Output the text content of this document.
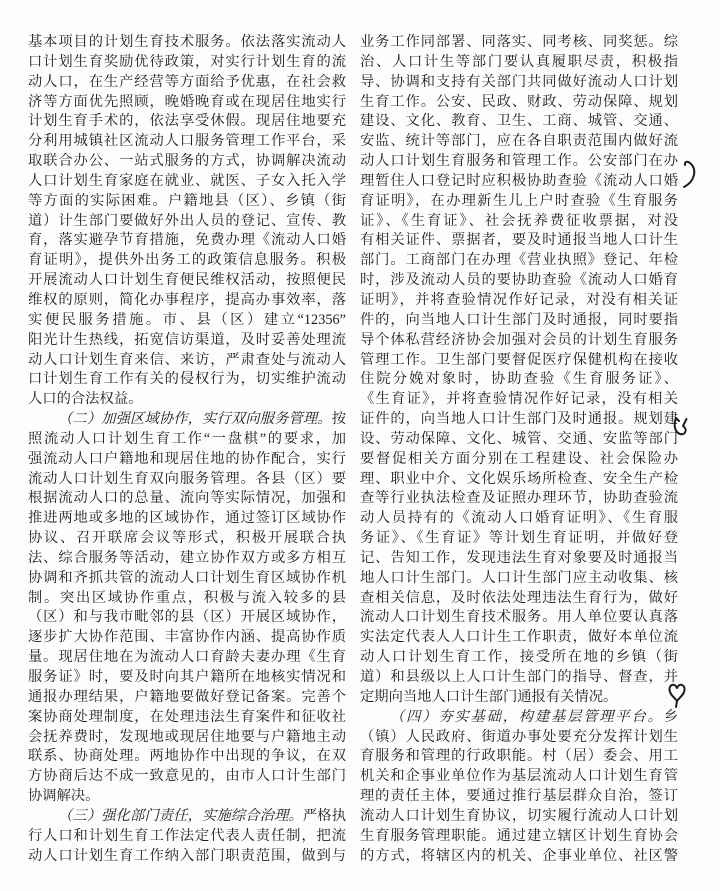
基本项目的计划生育技术服务。依法落实流动人
口计划生育奖励优待政策，对实行计划生育的流
动人口，在生产经营等方面给予优惠，在社会救
济等方面优先照顾，晚婚晚育或在现居住地实行
计划生育手术的，依法享受休假。现居住地要充
分利用城镇社区流动人口服务管理工作平台，采
取联合办公、一站式服务的方式，协调解决流动
人口计划生育家庭在就业、就医、子女入托入学
等方面的实际困难。户籍地县（区）、乡镇（街
道）计生部门要做好外出人员的登记、宣传、教
育，落实避孕节育措施，免费办理《流动人口婚
育证明》，提供外出务工的政策信息服务。积极
开展流动人口计划生育便民维权活动，按照便民
维权的原则，简化办事程序，提高办事效率，落
实便民服务措施。市、县（区）建立“12356”
阳光计生热线，拓宽信访渠道，及时妥善处理流
动人口计划生育来信、来访，严肃查处与流动人
口计划生育工作有关的侵权行为，切实维护流动
人口的合法权益。
（二）加强区域协作，实行双向服务管理。按
照流动人口计划生育工作“一盘棋”的要求，加
强流动人口户籍地和现居住地的协作配合，实行
流动人口计划生育双向服务管理。各县（区）要
根据流动人口的总量、流向等实际情况，加强和
推进两地或多地的区域协作，通过签订区域协作
协议、召开联席会议等形式，积极开展联合执
法、综合服务等活动，建立协作双方或多方相互
协调和齐抓共管的流动人口计划生育区域协作机
制。突出区域协作重点，积极与流入较多的县
（区）和与我市毗邻的县（区）开展区域协作，
逐步扩大协作范围、丰富协作内涵、提高协作质
量。现居住地在为流动人口育龄夫妻办理《生育
服务证》时，要及时向其户籍所在地核实情况和
通报办理结果，户籍地要做好登记备案。完善个
案协商处理制度，在处理违法生育案件和征收社
会抚养费时，发现地或现居住地要与户籍地主动
联系、协商处理。两地协作中出现的争议，在双
方协商后达不成一致意见的，由市人口计生部门
协调解决。
（三）强化部门责任，实施综合治理。严格执
行人口和计划生育工作法定代表人责任制，把流
动人口计划生育工作纳入部门职责范围，做到与
业务工作同部署、同落实、同考核、同奖惩。综
治、人口计生等部门要认真履职尽责，积极指
导、协调和支持有关部门共同做好流动人口计划
生育工作。公安、民政、财政、劳动保障、规划
建设、文化、教育、卫生、工商、城管、交通、
安监、统计等部门，应在各自职责范围内做好流
动人口计划生育服务和管理工作。公安部门在办
理暂住人口登记时应积极协助查验《流动人口婚
育证明》，在办理新生儿上户时查验《生育服务
证》、《生育证》、社会抚养费征收票据，对没
有相关证件、票据者，要及时通报当地人口计生
部门。工商部门在办理《营业执照》登记、年检
时，涉及流动人员的要协助查验《流动人口婚育
证明》，并将查验情况作好记录，对没有相关证
件的，向当地人口计生部门及时通报，同时要指
导个体私营经济协会加强对会员的计划生育服务
管理工作。卫生部门要督促医疗保健机构在接收
住院分娩对象时，协助查验《生育服务证》、
《生育证》，并将查验情况作好记录，没有相关
证件的，向当地人口计生部门及时通报。规划建
设、劳动保障、文化、城管、交通、安监等部门
要督促相关方面分别在工程建设、社会保险办
理、职业中介、文化娱乐场所检查、安全生产检
查等行业执法检查及证照办理环节，协助查验流
动人员持有的《流动人口婚育证明》、《生育服
务证》、《生育证》等计划生育证明，并做好登
记、告知工作，发现违法生育对象要及时通报当
地人口计生部门。人口计生部门应主动收集、核
查相关信息，及时依法处理违法生育行为，做好
流动人口计划生育技术服务。用人单位要认真落
实法定代表人人口计生工作职责，做好本单位流
动人口计划生育工作，接受所在地的乡镇（街
道）和县级以上人口计生部门的指导、督查，并
定期向当地人口计生部门通报有关情况。
（四）夯实基础，构建基层管理平台。乡
（镇）人民政府、街道办事处要充分发挥计划生
育服务和管理的行政职能。村（居）委会、用工
机关和企事业单位作为基层流动人口计划生育管
理的责任主体，要通过推行基层群众自治，签订
流动人口计划生育协议，切实履行流动人口计划
生育服务管理职能。通过建立辖区计划生育协会
的方式，将辖区内的机关、企事业单位、社区警
